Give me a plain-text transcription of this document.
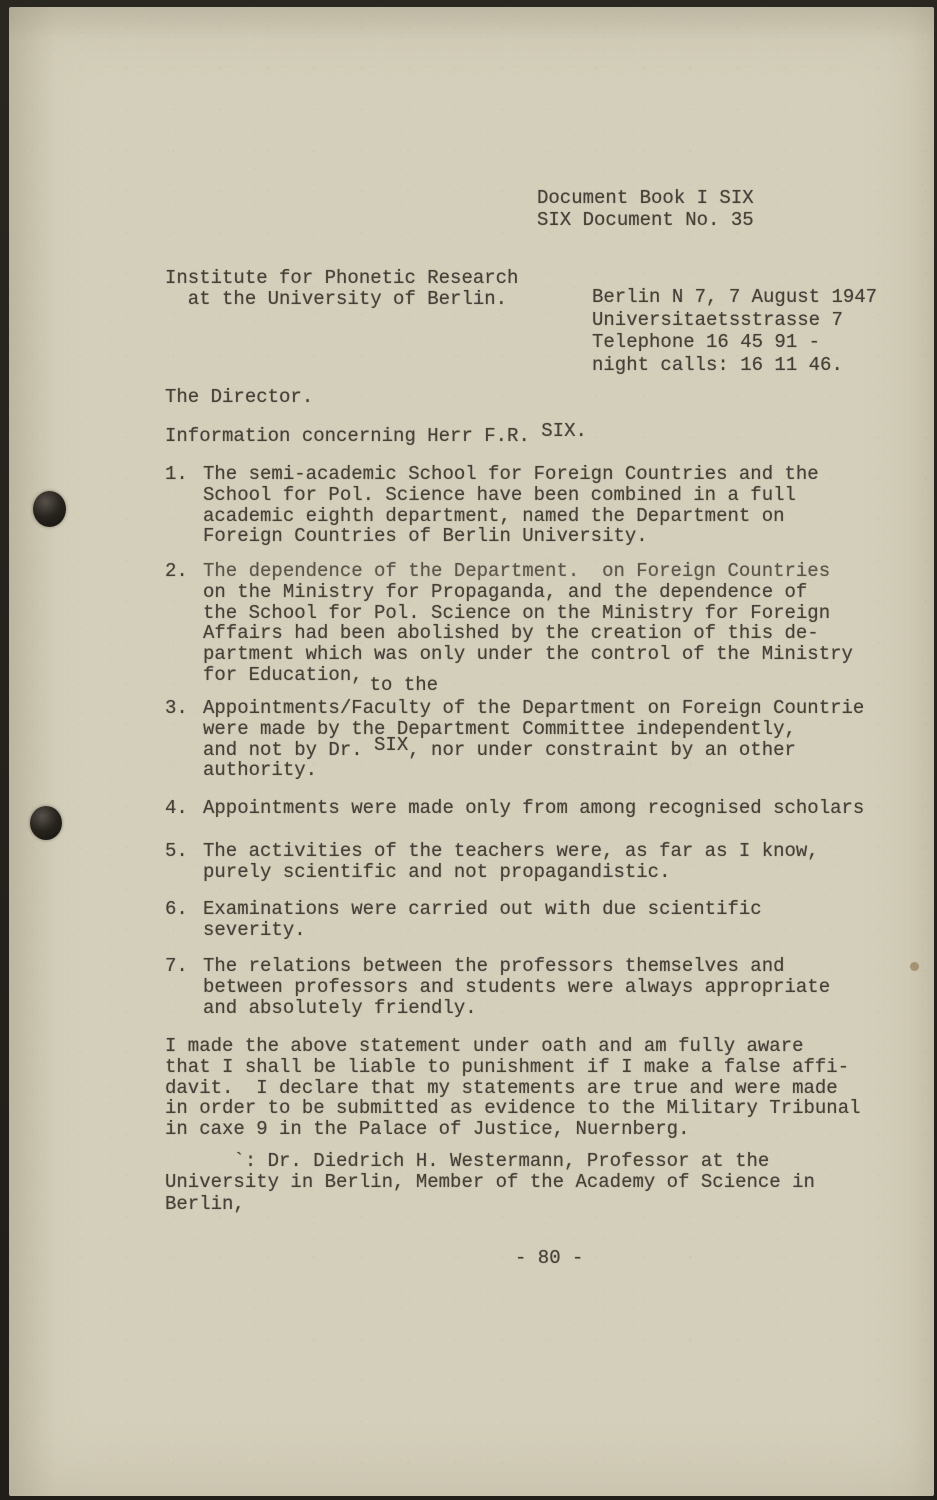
Document Book I SIX
SIX Document No. 35
Institute for Phonetic Research
at the University of Berlin.	Berlin N 7, 7 August 1947
Universitaetsstrasse 7
Telephone 16 45 91 -
night calls: 16 11 46.
The Director.
Information concerning Herr F.R. SIX.
1. The semi-academic School for Foreign Countries and the
School for Pol. Science have been combined in a full
academic eighth department, named the Department on
Foreign Countries of Berlin University.
2. The dependence of the Department.  on Foreign Countries
on the Ministry for Propaganda, and the dependence of
the School for Pol. Science on the Ministry for Foreign
Affairs had been abolished by the creation of this de-
partment which was only under the control of the Ministry
for Education, to the
3. Appointments/Faculty of the Department on Foreign Countrie
were made by the Department Committee independently,
and not by Dr. SIX, nor under constraint by an other
authority.
4. Appointments were made only from among recognised scholars
5. The activities of the teachers were, as far as I know,
purely scientific and not propagandistic.
6. Examinations were carried out with due scientific
severity.
7. The relations between the professors themselves and
between professors and students were always appropriate
and absolutely friendly.
I made the above statement under oath and am fully aware
that I shall be liable to punishment if I make a false affi-
davit.  I declare that my statements are true and were made
in order to be submitted as evidence to the Military Tribunal
in caxe 9 in the Palace of Justice, Nuernberg.
`: Dr. Diedrich H. Westermann, Professor at the
University in Berlin, Member of the Academy of Science in
Berlin,
- 80 -
